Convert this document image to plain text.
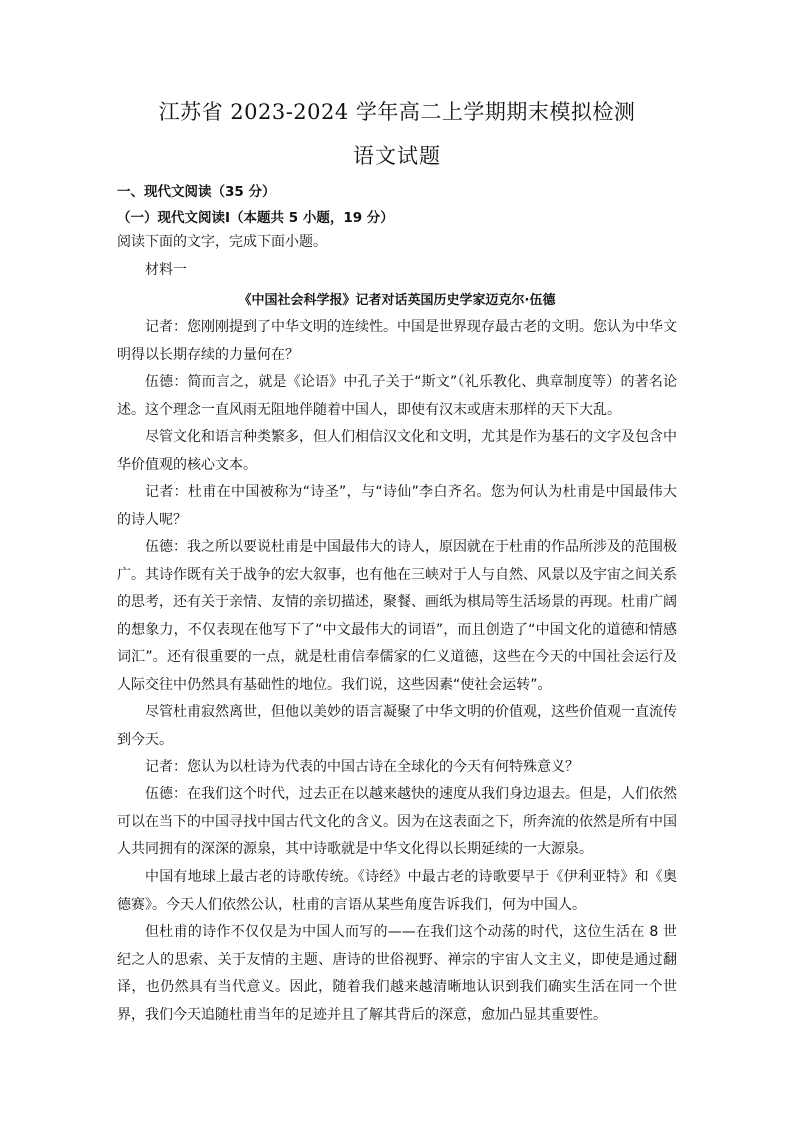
江苏省 2023-2024 学年高二上学期期末模拟检测
语文试题
一、现代文阅读（35 分）
（一）现代文阅读Ⅰ（本题共 5 小题，19 分）
阅读下面的文字，完成下面小题。
材料一
《中国社会科学报》记者对话英国历史学家迈克尔·伍德

记者：您刚刚提到了中华文明的连续性。中国是世界现存最古老的文明。您认为中华文明得以长期存续的力量何在？

伍德：简而言之，就是《论语》中孔子关于“斯文”（礼乐教化、典章制度等）的著名论述。这个理念一直风雨无阻地伴随着中国人，即使有汉末或唐末那样的天下大乱。

尽管文化和语言种类繁多，但人们相信汉文化和文明，尤其是作为基石的文字及包含中华价值观的核心文本。

记者：杜甫在中国被称为“诗圣”，与“诗仙”李白齐名。您为何认为杜甫是中国最伟大的诗人呢？

伍德：我之所以要说杜甫是中国最伟大的诗人，原因就在于杜甫的作品所涉及的范围极广。其诗作既有关于战争的宏大叙事，也有他在三峡对于人与自然、风景以及宇宙之间关系的思考，还有关于亲情、友情的亲切描述，聚餐、画纸为棋局等生活场景的再现。杜甫广阔的想象力，不仅表现在他写下了“中文最伟大的词语”，而且创造了“中国文化的道德和情感词汇”。还有很重要的一点，就是杜甫信奉儒家的仁义道德，这些在今天的中国社会运行及人际交往中仍然具有基础性的地位。我们说，这些因素“使社会运转”。

尽管杜甫寂然离世，但他以美妙的语言凝聚了中华文明的价值观，这些价值观一直流传到今天。

记者：您认为以杜诗为代表的中国古诗在全球化的今天有何特殊意义？

伍德：在我们这个时代，过去正在以越来越快的速度从我们身边退去。但是，人们依然可以在当下的中国寻找中国古代文化的含义。因为在这表面之下，所奔流的依然是所有中国人共同拥有的深深的源泉，其中诗歌就是中华文化得以长期延续的一大源泉。

中国有地球上最古老的诗歌传统。《诗经》中最古老的诗歌要早于《伊利亚特》和《奥德赛》。今天人们依然公认，杜甫的言语从某些角度告诉我们，何为中国人。

但杜甫的诗作不仅仅是为中国人而写的——在我们这个动荡的时代，这位生活在 8 世纪之人的思索、关于友情的主题、唐诗的世俗视野、禅宗的宇宙人文主义，即使是通过翻译，也仍然具有当代意义。因此，随着我们越来越清晰地认识到我们确实生活在同一个世界，我们今天追随杜甫当年的足迹并且了解其背后的深意，愈加凸显其重要性。
